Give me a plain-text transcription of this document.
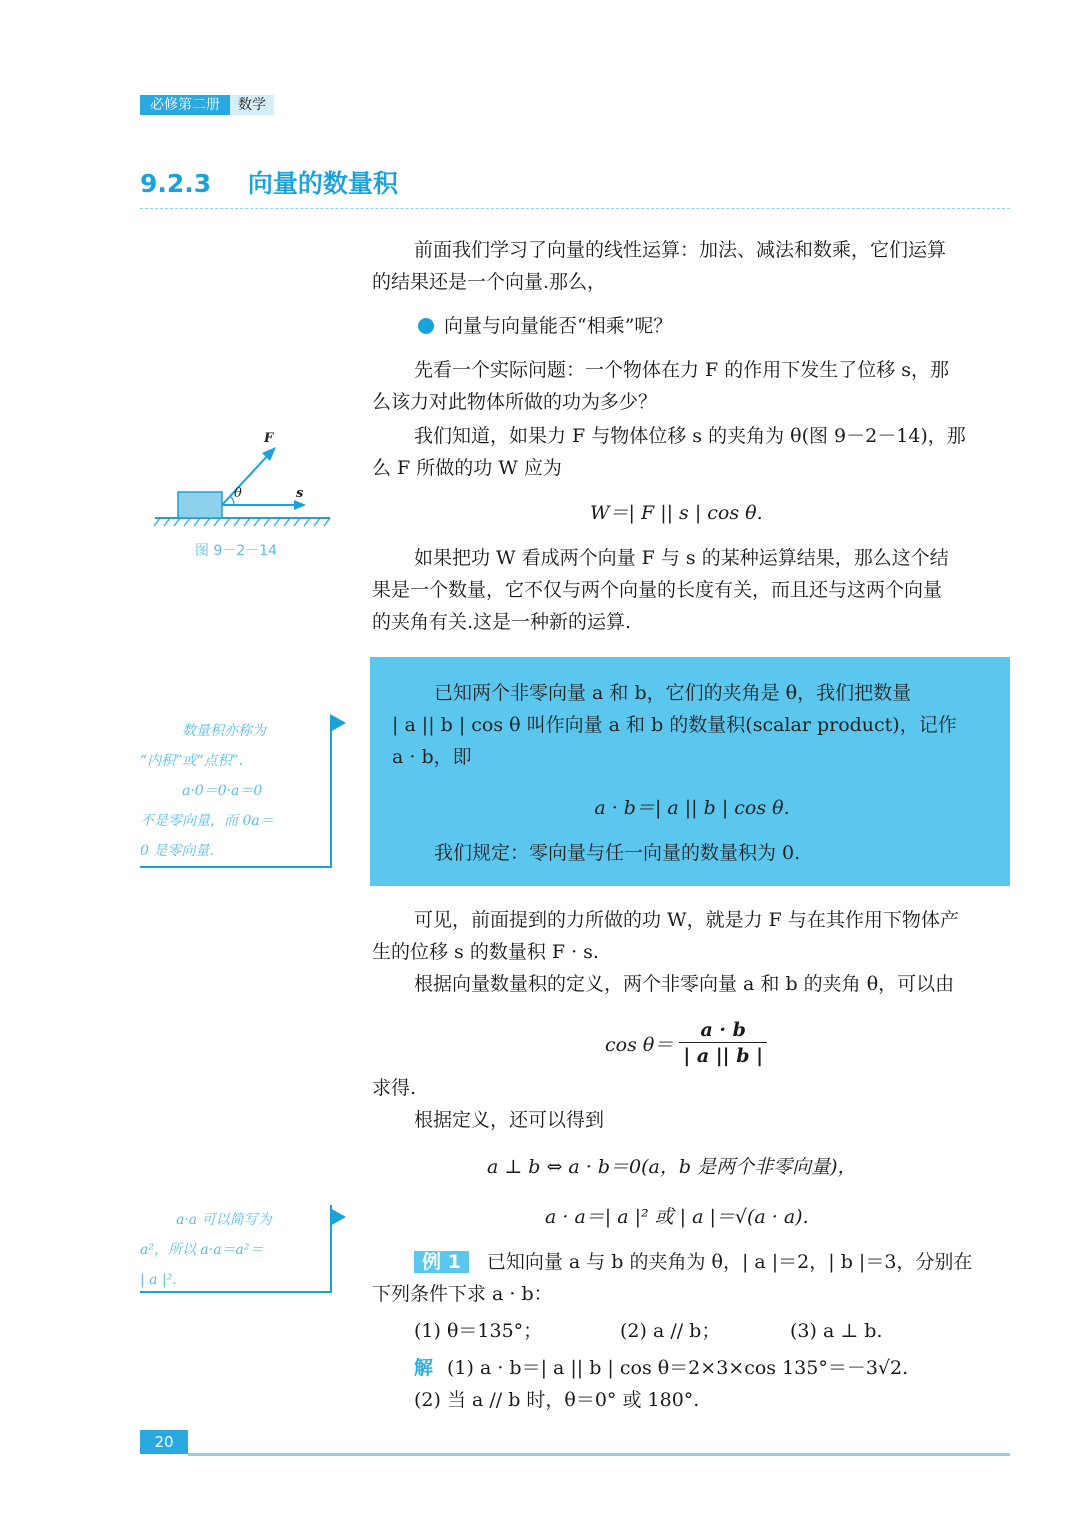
必修第二册	数学
9.2.3 向量的数量积

前面我们学习了向量的线性运算：加法、减法和数乘，它们运算

的结果还是一个向量.那么，

向量与向量能否“相乘”呢？

先看一个实际问题：一个物体在力 F 的作用下发生了位移 s，那

么该力对此物体所做的功为多少？

我们知道，如果力 F 与物体位移 s 的夹角为 θ(图 9－2－14)，那

么 F 所做的功 W 应为

W＝| F || s | cos θ.

如果把功 W 看成两个向量 F 与 s 的某种运算结果，那么这个结

果是一个数量，它不仅与两个向量的长度有关，而且还与这两个向量

的夹角有关.这是一种新的运算.

F
θ	s
图 9－2－14

已知两个非零向量 a 和 b，它们的夹角是 θ，我们把数量

| a || b | cos θ 叫作向量 a 和 b 的数量积(scalar product)，记作

a · b，即

a · b＝| a || b | cos θ.
我们规定：零向量与任一向量的数量积为 0.
数量积亦称为
“内积”或“点积”.
a·0＝0·a＝0
不是零向量，而 0a＝
0 是零向量.

可见，前面提到的力所做的功 W，就是力 F 与在其作用下物体产

生的位移 s 的数量积 F · s.

根据向量数量积的定义，两个非零向量 a 和 b 的夹角 θ，可以由

$\cos \theta= \frac{a \cdot b}{| a || b |}$

求得.

根据定义，还可以得到

a ⊥ b ⇔ a · b＝0(a，b 是两个非零向量)，
a · a＝| a |² 或 | a |＝√(a · a).
a·a 可以简写为
a²，所以 a·a＝a²＝
| a |².

例 1 已知向量 a 与 b 的夹角为 θ，| a |＝2，| b |＝3，分别在

下列条件下求 a · b：

(1) θ＝135°；	(2) a // b；	(3) a ⊥ b.
解 (1) a · b＝| a || b | cos θ＝2×3×cos 135°＝－3√2.
(2) 当 a // b 时，θ＝0° 或 180°.
20
